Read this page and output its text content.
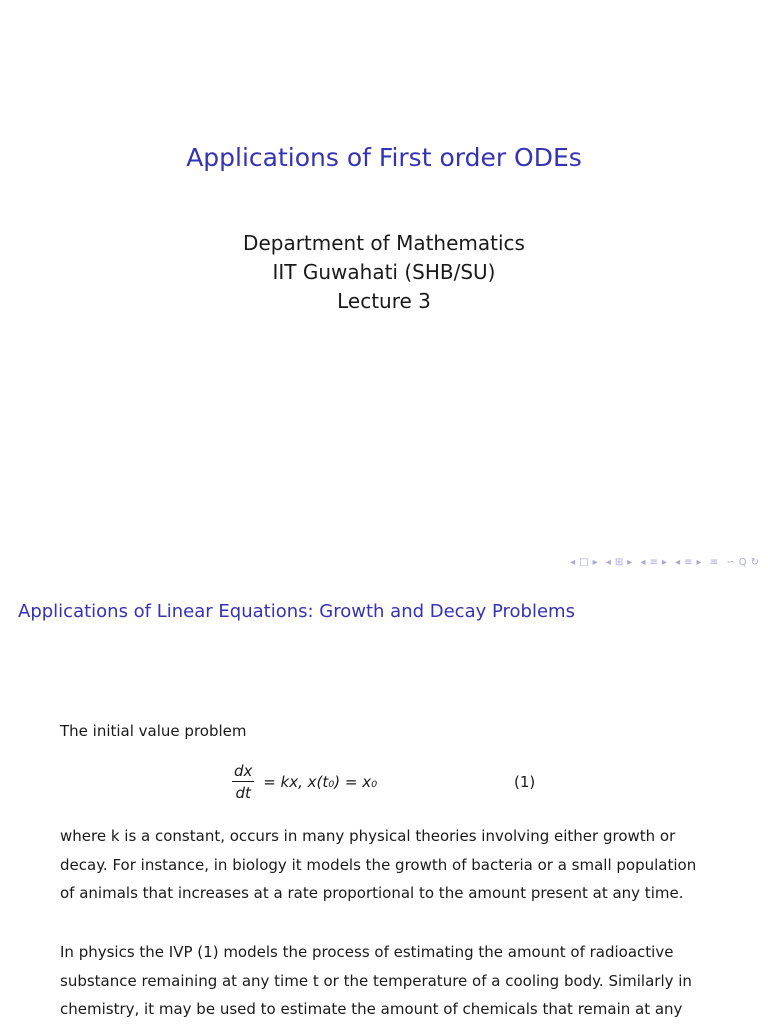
Applications of First order ODEs
Department of Mathematics
IIT Guwahati (SHB/SU)
Lecture 3
◂ □ ▸ ◂ ⊞ ▸ ◂ ≡ ▸ ◂ ≡ ▸ ≡ ∽ Q ↻
Applications of Linear Equations: Growth and Decay Problems
The initial value problem
$\frac{dx}{dt}$ = kx, x(t₀) = x₀	(1)
where k is a constant, occurs in many physical theories involving either growth or decay. For instance, in biology it models the growth of bacteria or a small population of animals that increases at a rate proportional to the amount present at any time.
In physics the IVP (1) models the process of estimating the amount of radioactive substance remaining at any time t or the temperature of a cooling body. Similarly in chemistry, it may be used to estimate the amount of chemicals that remain at any
